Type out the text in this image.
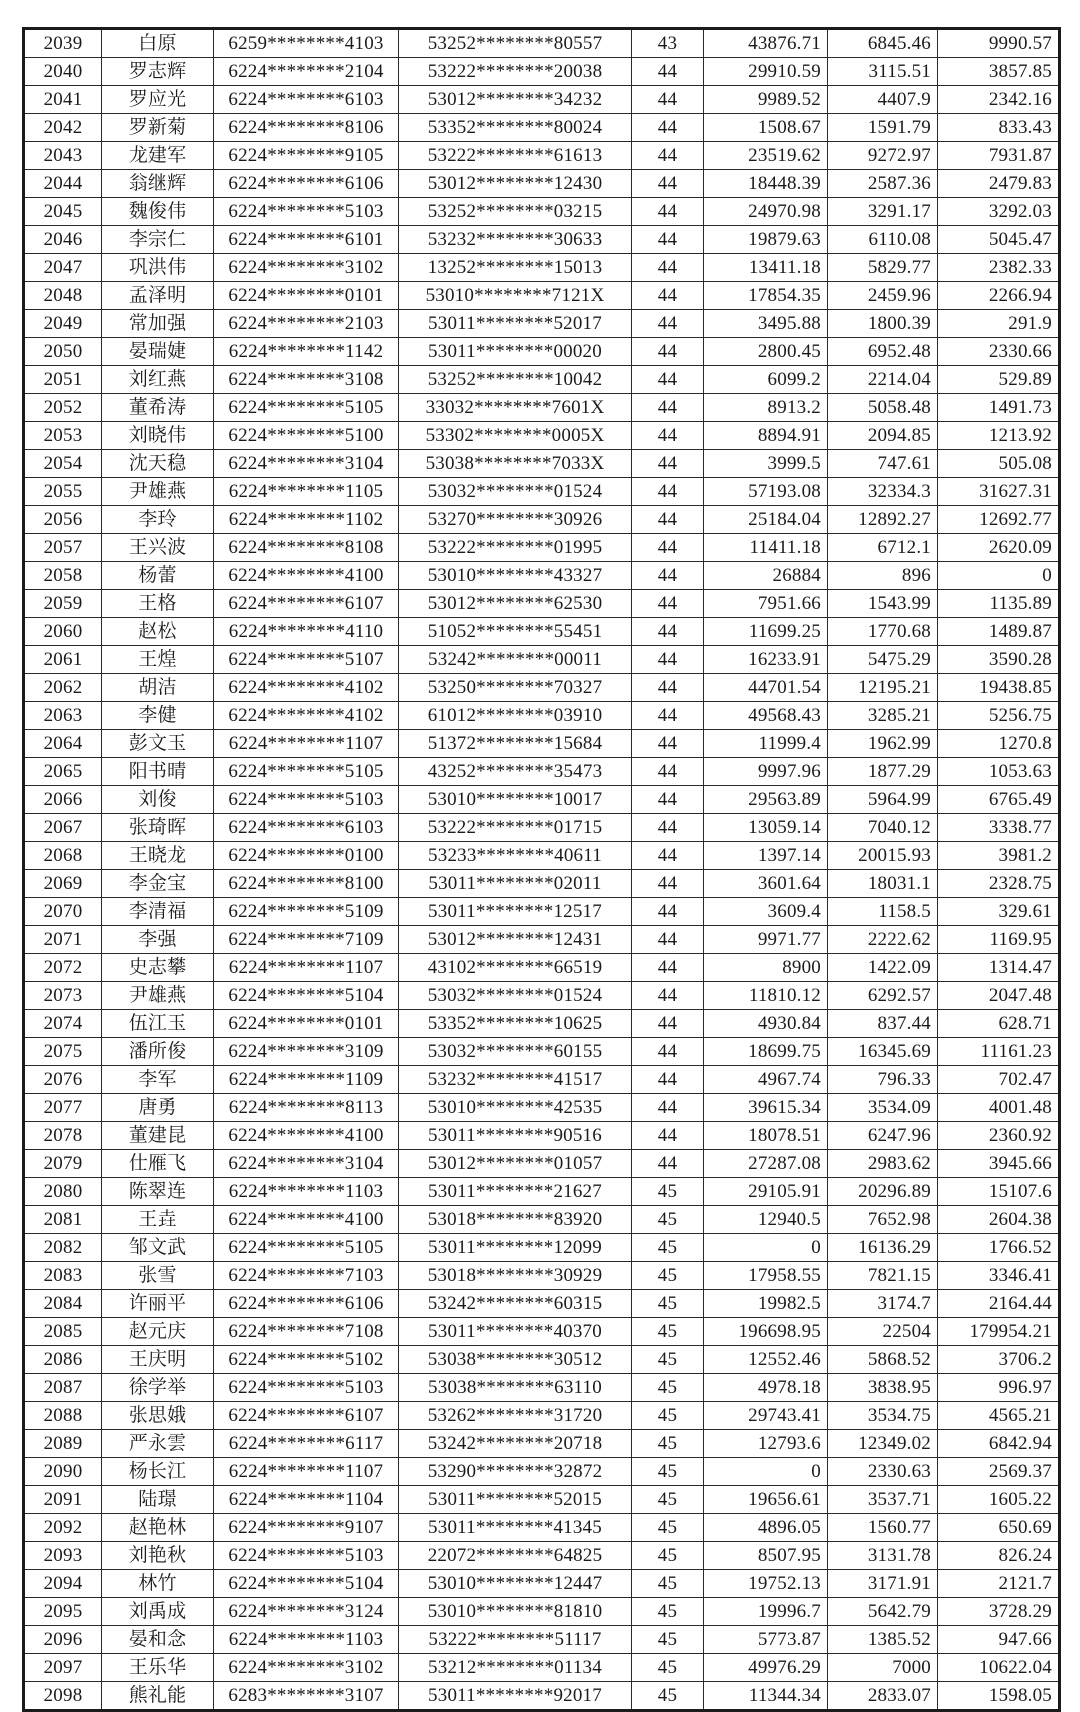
2039	白原	6259********4103	53252********80557	43	43876.71	6845.46	9990.57
2040	罗志辉	6224********2104	53222********20038	44	29910.59	3115.51	3857.85
2041	罗应光	6224********6103	53012********34232	44	9989.52	4407.9	2342.16
2042	罗新菊	6224********8106	53352********80024	44	1508.67	1591.79	833.43
2043	龙建军	6224********9105	53222********61613	44	23519.62	9272.97	7931.87
2044	翁继辉	6224********6106	53012********12430	44	18448.39	2587.36	2479.83
2045	魏俊伟	6224********5103	53252********03215	44	24970.98	3291.17	3292.03
2046	李宗仁	6224********6101	53232********30633	44	19879.63	6110.08	5045.47
2047	巩洪伟	6224********3102	13252********15013	44	13411.18	5829.77	2382.33
2048	孟泽明	6224********0101	53010********7121X	44	17854.35	2459.96	2266.94
2049	常加强	6224********2103	53011********52017	44	3495.88	1800.39	291.9
2050	晏瑞婕	6224********1142	53011********00020	44	2800.45	6952.48	2330.66
2051	刘红燕	6224********3108	53252********10042	44	6099.2	2214.04	529.89
2052	董希涛	6224********5105	33032********7601X	44	8913.2	5058.48	1491.73
2053	刘晓伟	6224********5100	53302********0005X	44	8894.91	2094.85	1213.92
2054	沈天稳	6224********3104	53038********7033X	44	3999.5	747.61	505.08
2055	尹雄燕	6224********1105	53032********01524	44	57193.08	32334.3	31627.31
2056	李玲	6224********1102	53270********30926	44	25184.04	12892.27	12692.77
2057	王兴波	6224********8108	53222********01995	44	11411.18	6712.1	2620.09
2058	杨蕾	6224********4100	53010********43327	44	26884	896	0
2059	王格	6224********6107	53012********62530	44	7951.66	1543.99	1135.89
2060	赵松	6224********4110	51052********55451	44	11699.25	1770.68	1489.87
2061	王煌	6224********5107	53242********00011	44	16233.91	5475.29	3590.28
2062	胡洁	6224********4102	53250********70327	44	44701.54	12195.21	19438.85
2063	李健	6224********4102	61012********03910	44	49568.43	3285.21	5256.75
2064	彭文玉	6224********1107	51372********15684	44	11999.4	1962.99	1270.8
2065	阳书晴	6224********5105	43252********35473	44	9997.96	1877.29	1053.63
2066	刘俊	6224********5103	53010********10017	44	29563.89	5964.99	6765.49
2067	张琦晖	6224********6103	53222********01715	44	13059.14	7040.12	3338.77
2068	王晓龙	6224********0100	53233********40611	44	1397.14	20015.93	3981.2
2069	李金宝	6224********8100	53011********02011	44	3601.64	18031.1	2328.75
2070	李清福	6224********5109	53011********12517	44	3609.4	1158.5	329.61
2071	李强	6224********7109	53012********12431	44	9971.77	2222.62	1169.95
2072	史志攀	6224********1107	43102********66519	44	8900	1422.09	1314.47
2073	尹雄燕	6224********5104	53032********01524	44	11810.12	6292.57	2047.48
2074	伍江玉	6224********0101	53352********10625	44	4930.84	837.44	628.71
2075	潘所俊	6224********3109	53032********60155	44	18699.75	16345.69	11161.23
2076	李军	6224********1109	53232********41517	44	4967.74	796.33	702.47
2077	唐勇	6224********8113	53010********42535	44	39615.34	3534.09	4001.48
2078	董建昆	6224********4100	53011********90516	44	18078.51	6247.96	2360.92
2079	仕雁飞	6224********3104	53012********01057	44	27287.08	2983.62	3945.66
2080	陈翠连	6224********1103	53011********21627	45	29105.91	20296.89	15107.6
2081	王垚	6224********4100	53018********83920	45	12940.5	7652.98	2604.38
2082	邹文武	6224********5105	53011********12099	45	0	16136.29	1766.52
2083	张雪	6224********7103	53018********30929	45	17958.55	7821.15	3346.41
2084	许丽平	6224********6106	53242********60315	45	19982.5	3174.7	2164.44
2085	赵元庆	6224********7108	53011********40370	45	196698.95	22504	179954.21
2086	王庆明	6224********5102	53038********30512	45	12552.46	5868.52	3706.2
2087	徐学举	6224********5103	53038********63110	45	4978.18	3838.95	996.97
2088	张思娥	6224********6107	53262********31720	45	29743.41	3534.75	4565.21
2089	严永雲	6224********6117	53242********20718	45	12793.6	12349.02	6842.94
2090	杨长江	6224********1107	53290********32872	45	0	2330.63	2569.37
2091	陆璟	6224********1104	53011********52015	45	19656.61	3537.71	1605.22
2092	赵艳林	6224********9107	53011********41345	45	4896.05	1560.77	650.69
2093	刘艳秋	6224********5103	22072********64825	45	8507.95	3131.78	826.24
2094	林竹	6224********5104	53010********12447	45	19752.13	3171.91	2121.7
2095	刘禹成	6224********3124	53010********81810	45	19996.7	5642.79	3728.29
2096	晏和念	6224********1103	53222********51117	45	5773.87	1385.52	947.66
2097	王乐华	6224********3102	53212********01134	45	49976.29	7000	10622.04
2098	熊礼能	6283********3107	53011********92017	45	11344.34	2833.07	1598.05
